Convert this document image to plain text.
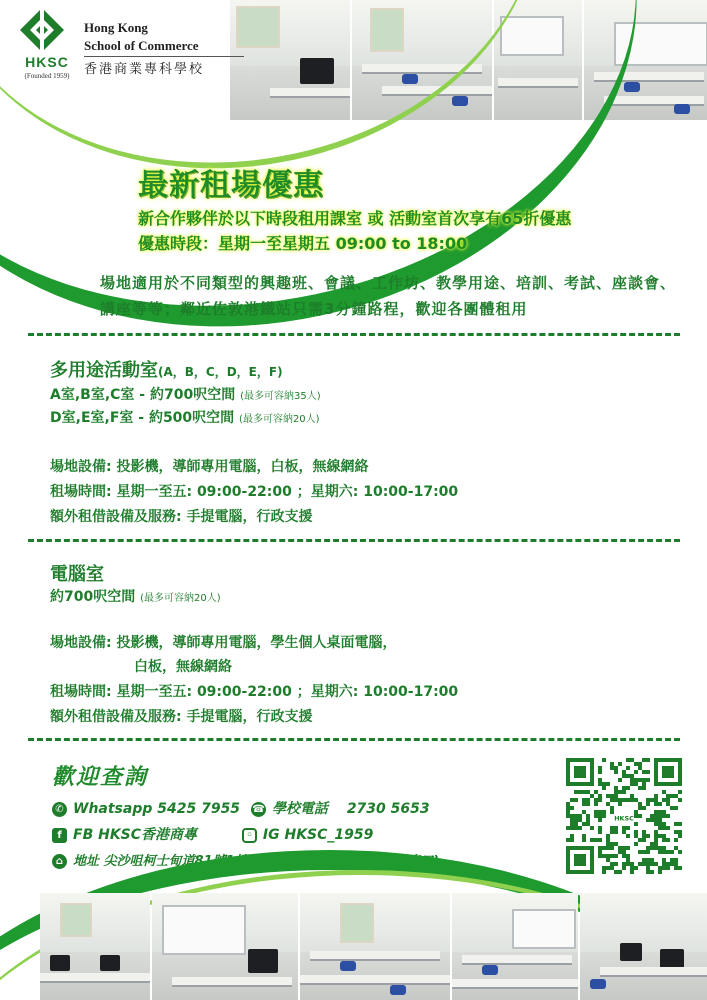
HKSC
(Founded 1959)
Hong Kong
School of Commerce
香港商業專科學校
最新租場優惠
新合作夥伴於以下時段租用課室 或 活動室首次享有65折優惠
優惠時段：星期一至星期五 09:00 to 18:00
場地適用於不同類型的興趣班、會議、工作坊、教學用途、培訓、考試、座談會、講座等等；鄰近佐敦港鐵站只需3分鐘路程，歡迎各團體租用
多用途活動室(A，B，C，D，E，F)
A室,B室,C室 - 約700呎空間 (最多可容納35人)
D室,E室,F室 - 約500呎空間 (最多可容納20人)
場地設備: 投影機，導師專用電腦，白板，無線網絡
租場時間: 星期一至五: 09:00-22:00 ；星期六: 10:00-17:00
額外租借設備及服務: 手提電腦，行政支援
電腦室
約700呎空間 (最多可容納20人)
場地設備: 投影機，導師專用電腦，學生個人桌面電腦，
白板，無線網絡
租場時間: 星期一至五: 09:00-22:00 ；星期六: 10:00-17:00
額外租借設備及服務: 手提電腦，行政支援
歡迎查詢
✆ Whatsapp 5425 7955 ☎ 學校電話 2730 5653
f FB HKSC香港商專	◦ IG HKSC_1959
⌂ 地址 尖沙咀柯士甸道81號1樓 (佐敦站C2出口 柯士甸站F出口)
HKSC
